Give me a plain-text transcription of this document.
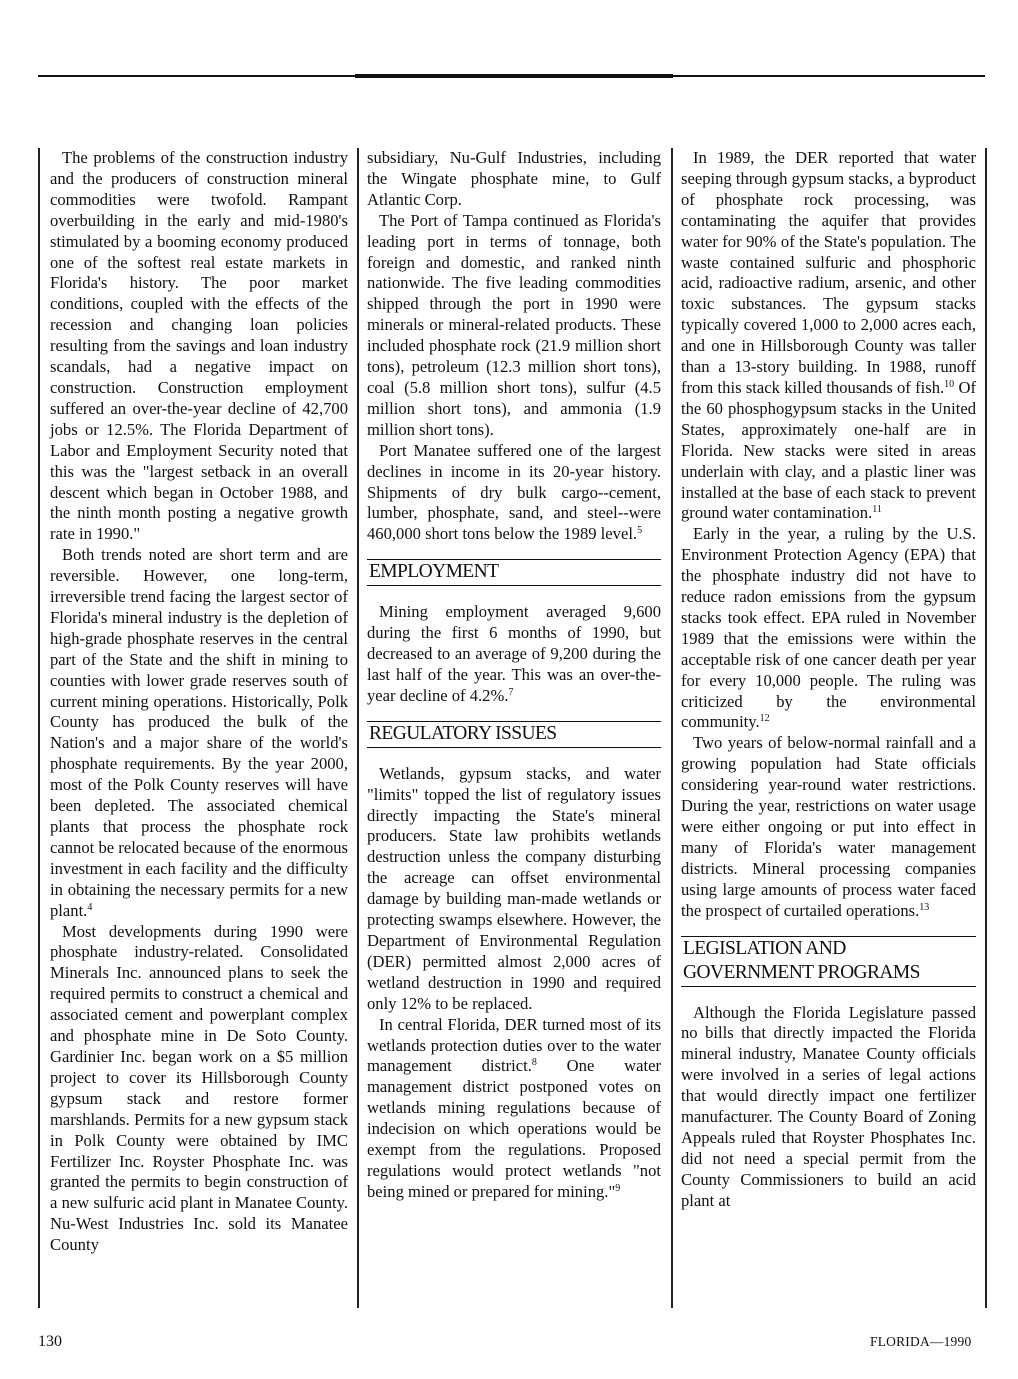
The problems of the construction industry and the producers of construction mineral commodities were twofold. Rampant overbuilding in the early and mid-1980's stimulated by a booming economy produced one of the softest real estate markets in Florida's history. The poor market conditions, coupled with the effects of the recession and changing loan policies resulting from the savings and loan industry scandals, had a negative impact on construction. Construction employment suffered an over-the-year decline of 42,700 jobs or 12.5%. The Florida Department of Labor and Employment Security noted that this was the "largest setback in an overall descent which began in October 1988, and the ninth month posting a negative growth rate in 1990."

Both trends noted are short term and are reversible. However, one long-term, irreversible trend facing the largest sector of Florida's mineral industry is the depletion of high-grade phosphate reserves in the central part of the State and the shift in mining to counties with lower grade reserves south of current mining operations. Historically, Polk County has produced the bulk of the Nation's and a major share of the world's phosphate requirements. By the year 2000, most of the Polk County reserves will have been depleted. The associated chemical plants that process the phosphate rock cannot be relocated because of the enormous investment in each facility and the difficulty in obtaining the necessary permits for a new plant.$^4$

Most developments during 1990 were phosphate industry-related. Consolidated Minerals Inc. announced plans to seek the required permits to construct a chemical and associated cement and powerplant complex and phosphate mine in De Soto County. Gardinier Inc. began work on a $5 million project to cover its Hillsborough County gypsum stack and restore former marshlands. Permits for a new gypsum stack in Polk County were obtained by IMC Fertilizer Inc. Royster Phosphate Inc. was granted the permits to begin construction of a new sulfuric acid plant in Manatee County. Nu-West Industries Inc. sold its Manatee County

subsidiary, Nu-Gulf Industries, including the Wingate phosphate mine, to Gulf Atlantic Corp.

The Port of Tampa continued as Florida's leading port in terms of tonnage, both foreign and domestic, and ranked ninth nationwide. The five leading commodities shipped through the port in 1990 were minerals or mineral-related products. These included phosphate rock (21.9 million short tons), petroleum (12.3 million short tons), coal (5.8 million short tons), sulfur (4.5 million short tons), and ammonia (1.9 million short tons).

Port Manatee suffered one of the largest declines in income in its 20-year history. Shipments of dry bulk cargo--cement, lumber, phosphate, sand, and steel--were 460,000 short tons below the 1989 level.$^5$

EMPLOYMENT

Mining employment averaged 9,600 during the first 6 months of 1990, but decreased to an average of 9,200 during the last half of the year. This was an over-the-year decline of 4.2%.$^7$

REGULATORY ISSUES

Wetlands, gypsum stacks, and water "limits" topped the list of regulatory issues directly impacting the State's mineral producers. State law prohibits wetlands destruction unless the company disturbing the acreage can offset environmental damage by building man-made wetlands or protecting swamps elsewhere. However, the Department of Environmental Regulation (DER) permitted almost 2,000 acres of wetland destruction in 1990 and required only 12% to be replaced.

In central Florida, DER turned most of its wetlands protection duties over to the water management district.$^8$ One water management district postponed votes on wetlands mining regulations because of indecision on which operations would be exempt from the regulations. Proposed regulations would protect wetlands "not being mined or prepared for mining."$^9$

In 1989, the DER reported that water seeping through gypsum stacks, a byproduct of phosphate rock processing, was contaminating the aquifer that provides water for 90% of the State's population. The waste contained sulfuric and phosphoric acid, radioactive radium, arsenic, and other toxic substances. The gypsum stacks typically covered 1,000 to 2,000 acres each, and one in Hillsborough County was taller than a 13-story building. In 1988, runoff from this stack killed thousands of fish.$^{10}$ Of the 60 phosphogypsum stacks in the United States, approximately one-half are in Florida. New stacks were sited in areas underlain with clay, and a plastic liner was installed at the base of each stack to prevent ground water contamination.$^{11}$

Early in the year, a ruling by the U.S. Environment Protection Agency (EPA) that the phosphate industry did not have to reduce radon emissions from the gypsum stacks took effect. EPA ruled in November 1989 that the emissions were within the acceptable risk of one cancer death per year for every 10,000 people. The ruling was criticized by the environmental community.$^{12}$

Two years of below-normal rainfall and a growing population had State officials considering year-round water restrictions. During the year, restrictions on water usage were either ongoing or put into effect in many of Florida's water management districts. Mineral processing companies using large amounts of process water faced the prospect of curtailed operations.$^{13}$

LEGISLATION AND
GOVERNMENT PROGRAMS

Although the Florida Legislature passed no bills that directly impacted the Florida mineral industry, Manatee County officials were involved in a series of legal actions that would directly impact one fertilizer manufacturer. The County Board of Zoning Appeals ruled that Royster Phosphates Inc. did not need a special permit from the County Commissioners to build an acid plant at

130	FLORIDA—1990
